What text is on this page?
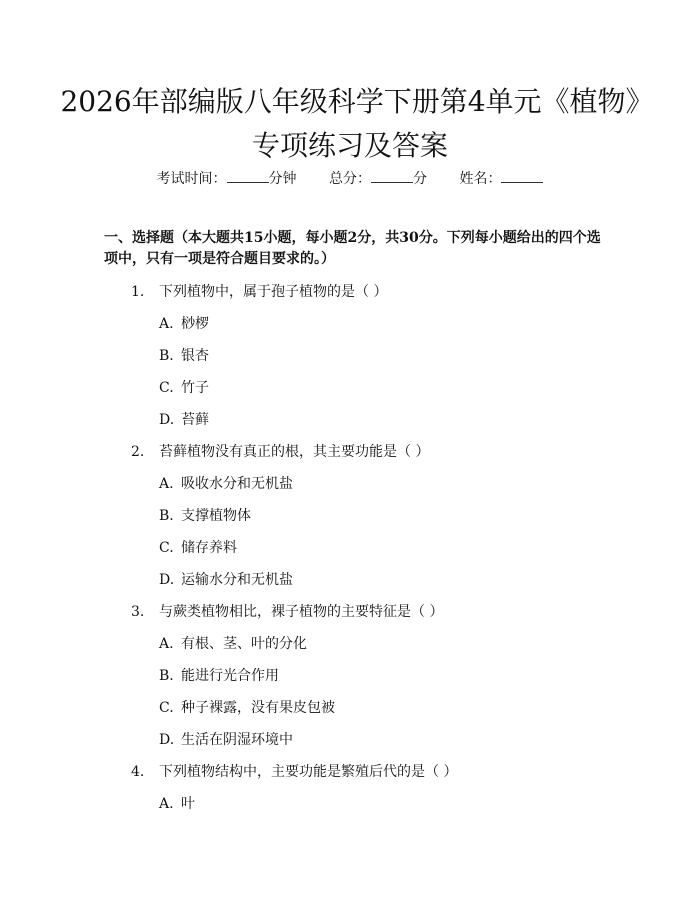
2026年部编版八年级科学下册第4单元《植物》专项练习及答案
考试时间：	分钟 总分：	分 姓名：

一、选择题（本大题共15小题，每小题2分，共30分。下列每小题给出的四个选项中，只有一项是符合题目要求的。）

1. 下列植物中，属于孢子植物的是（ ）
A. 桫椤
B. 银杏
C. 竹子
D. 苔藓
2. 苔藓植物没有真正的根，其主要功能是（ ）
A. 吸收水分和无机盐
B. 支撑植物体
C. 储存养料
D. 运输水分和无机盐
3. 与蕨类植物相比，裸子植物的主要特征是（ ）
A. 有根、茎、叶的分化
B. 能进行光合作用
C. 种子裸露，没有果皮包被
D. 生活在阴湿环境中
4. 下列植物结构中，主要功能是繁殖后代的是（ ）
A. 叶
